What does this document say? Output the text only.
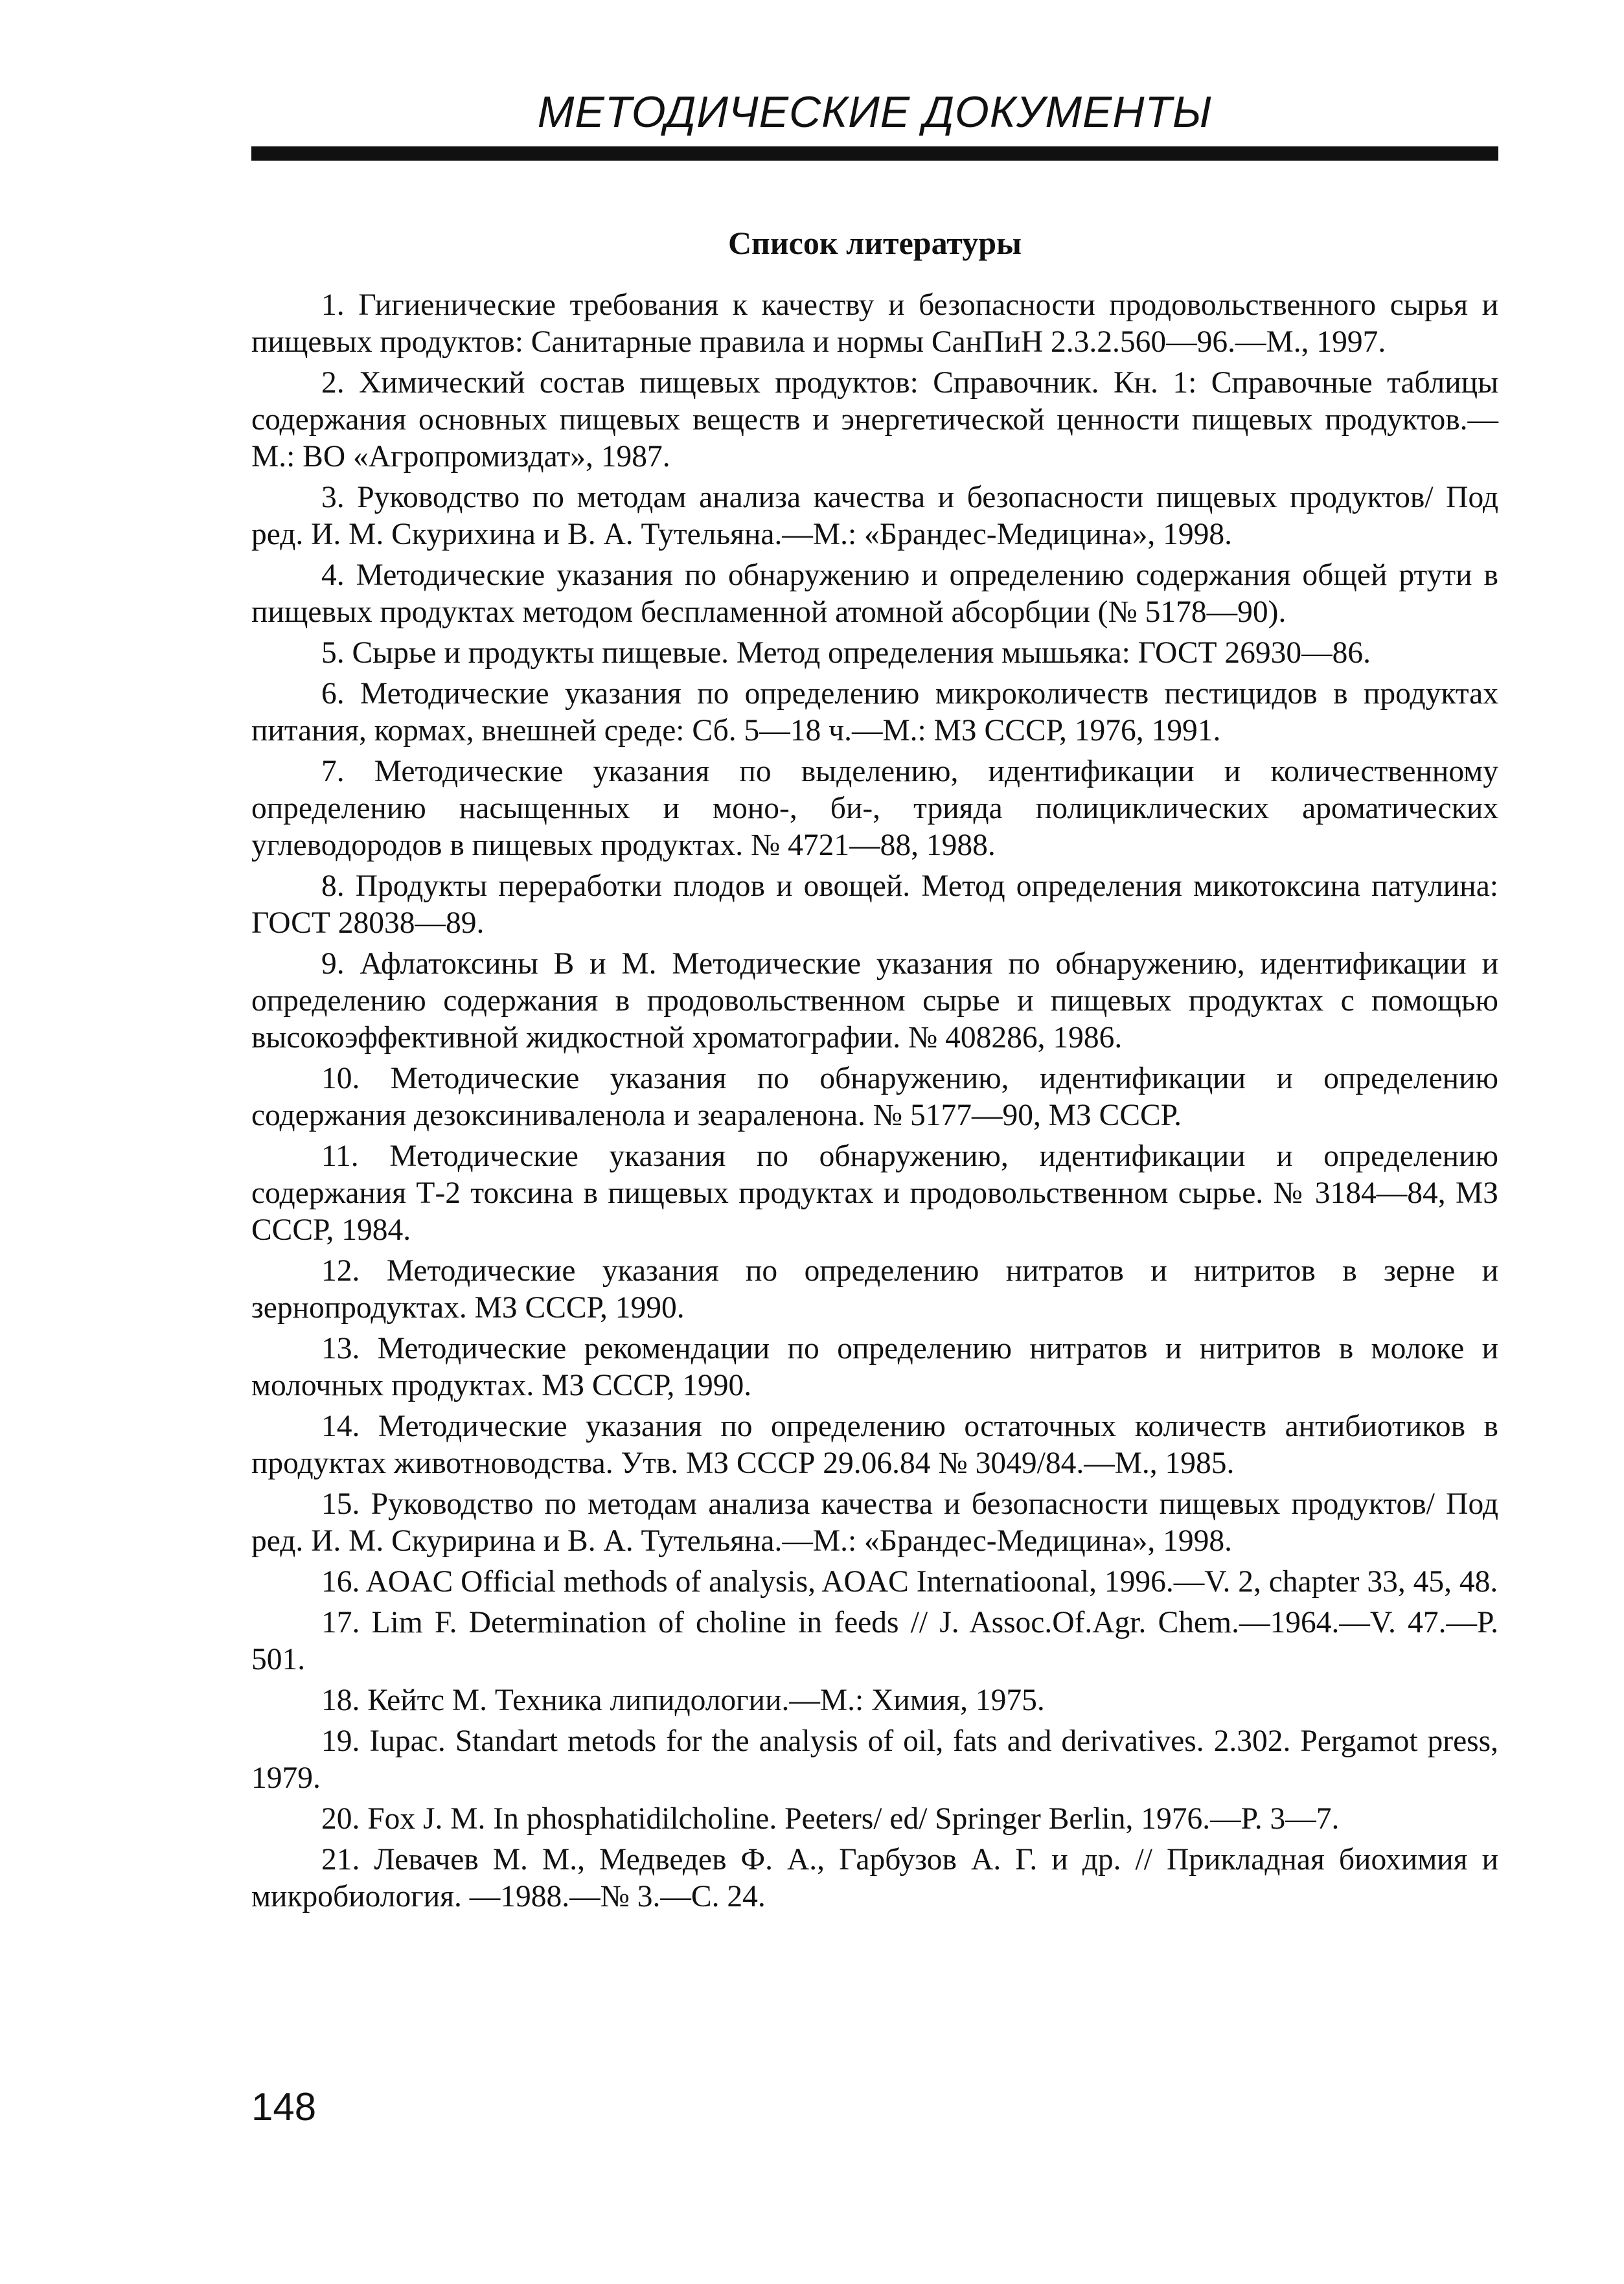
МЕТОДИЧЕСКИЕ ДОКУМЕНТЫ
Список литературы
1. Гигиенические требования к качеству и безопасности продовольственного сырья и пищевых продуктов: Санитарные правила и нормы СанПиН 2.3.2.560—96.—М., 1997.
2. Химический состав пищевых продуктов: Справочник. Кн. 1: Справочные таблицы содержания основных пищевых веществ и энергетической ценности пищевых продуктов.—М.: ВО «Агропромиздат», 1987.
3. Руководство по методам анализа качества и безопасности пищевых продуктов/ Под ред. И. М. Скурихина и В. А. Тутельяна.—М.: «Брандес-Медицина», 1998.
4. Методические указания по обнаружению и определению содержания общей ртути в пищевых продуктах методом беспламенной атомной абсорбции (№ 5178—90).
5. Сырье и продукты пищевые. Метод определения мышьяка: ГОСТ 26930—86.
6. Методические указания по определению микроколичеств пестицидов в продуктах питания, кормах, внешней среде: Сб. 5—18 ч.—М.: МЗ СССР, 1976, 1991.
7. Методические указания по выделению, идентификации и количественному определению насыщенных и моно-, би-, трияда полициклических ароматических углеводородов в пищевых продуктах. № 4721—88, 1988.
8. Продукты переработки плодов и овощей. Метод определения микотоксина патулина: ГОСТ 28038—89.
9. Афлатоксины В и М. Методические указания по обнаружению, идентификации и определению содержания в продовольственном сырье и пищевых продуктах с помощью высокоэффективной жидкостной хроматографии. № 408286, 1986.
10. Методические указания по обнаружению, идентификации и определению содержания дезоксиниваленола и зеараленона. № 5177—90, МЗ СССР.
11. Методические указания по обнаружению, идентификации и определению содержания Т-2 токсина в пищевых продуктах и продовольственном сырье. № 3184—84, МЗ СССР, 1984.
12. Методические указания по определению нитратов и нитритов в зерне и зернопродуктах. МЗ СССР, 1990.
13. Методические рекомендации по определению нитратов и нитритов в молоке и молочных продуктах. МЗ СССР, 1990.
14. Методические указания по определению остаточных количеств антибиотиков в продуктах животноводства. Утв. МЗ СССР 29.06.84 № 3049/84.—М., 1985.
15. Руководство по методам анализа качества и безопасности пищевых продуктов/ Под ред. И. М. Скуририна и В. А. Тутельяна.—М.: «Брандес-Медицина», 1998.
16. AOAC Official methods of analysis, AOAC Internatioonal, 1996.—V. 2, chapter 33, 45, 48.
17. Lim F. Determination of choline in feeds // J. Assoc.Of.Agr. Chem.—1964.—V. 47.—P. 501.
18. Кейтс М. Техника липидологии.—М.: Химия, 1975.
19. Iupac. Standart metods for the analysis of oil, fats and derivatives. 2.302. Pergamot press, 1979.
20. Fox J. M. In phosphatidilcholine. Peeters/ ed/ Springer Berlin, 1976.—P. 3—7.
21. Левачев М. М., Медведев Ф. А., Гарбузов А. Г. и др. // Прикладная биохимия и микробиология. —1988.—№ 3.—С. 24.
148
